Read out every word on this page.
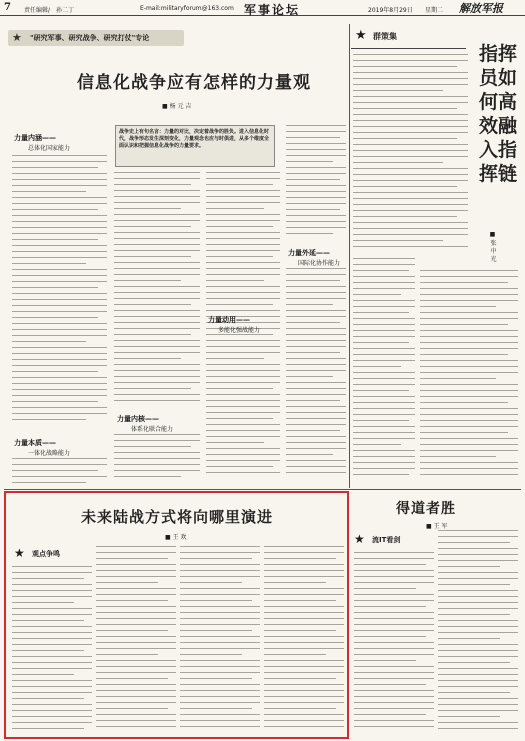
7 责任编辑/ 孙二丁	E-mail:militaryforum@163.com 军事论坛	2019年8月29日 星期二 解放军报
★ "研究军事、研究战争、研究打仗"专论
信息化战争应有怎样的力量观
■ 杨 元 吉
战争史上有句名言：力量的对比，决定着战争的胜负。进入信息化时代，战争形态发生深刻变化，力量观念也应与时俱进，从多个维度全面认识和把握信息化战争的力量要求。
力量内涵——
总体化国家能力
力量本质——
一体化战略能力
力量内核——
体系化联合能力
力量外延——
国际化协作能力
力量动用——
多能化强战能力
★ 群策集
指挥员如何高效融入指挥链
■ 张 中 光
未来陆战方式将向哪里演进
■ 王 欢
★ 观点争鸣
得道者胜
■ 王 军
★ 流IT看剑
